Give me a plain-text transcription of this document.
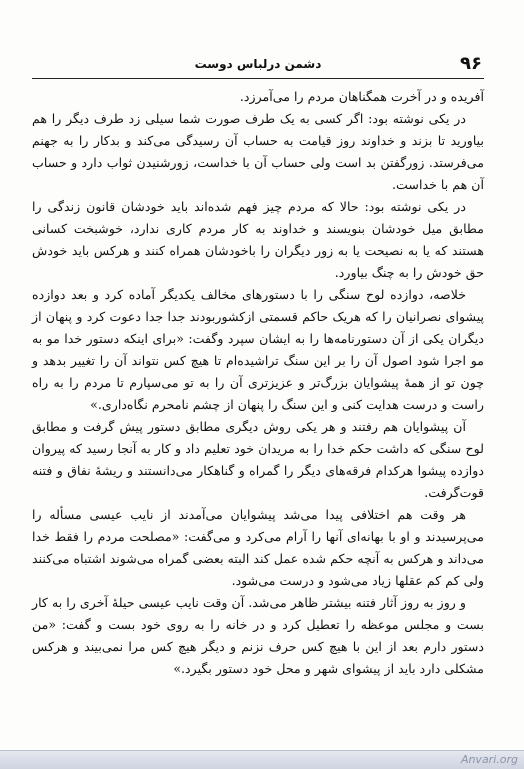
۹۶
دشمن درلباس دوست

آفریده و در آخرت همگناهان مردم را می‌آمرزد.

در یکی نوشته بود: اگر کسی به یک طرف صورت شما سیلی زد طرف دیگر را هم بیاورید تا بزند و خداوند روز قیامت به حساب آن رسیدگی می‌کند و بدکار را به جهنم می‌فرستد. زورگفتن بد است ولی حساب آن با خداست، زورشنیدن ثواب دارد و حساب آن هم با خداست.

در یکی نوشته بود: حالا که مردم چیز فهم شده‌اند باید خودشان قانون زندگی را مطابق میل خودشان بنویسند و خداوند به کار مردم کاری ندارد، خوشبخت کسانی هستند که یا به نصیحت یا به زور دیگران را باخودشان همراه کنند و هرکس باید خودش حق خودش را به چنگ بیاورد.

خلاصه، دوازده لوح سنگی را با دستورهای مخالف یکدیگر آماده کرد و بعد دوازده پیشوای نصرانیان را که هریک حاکم قسمتی ازکشوربودند جدا جدا دعوت کرد و پنهان از دیگران یکی از آن دستورنامه‌ها را به ایشان سپرد وگفت: «برای اینکه دستور خدا مو به مو اجرا شود اصول آن را بر این سنگ تراشیده‌ام تا هیچ کس نتواند آن را تغییر بدهد و چون تو از همهٔ پیشوایان بزرگ‌تر و عزیزتری آن را به تو می‌سپارم تا مردم را به راه راست و درست هدایت کنی و این سنگ را پنهان از چشم نامحرم نگاه‌داری.»

آن پیشوایان هم رفتند و هر یکی روش دیگری مطابق دستور پیش گرفت و مطابق لوح سنگی که داشت حکم خدا را به مریدان خود تعلیم داد و کار به آنجا رسید که پیروان دوازده پیشوا هرکدام فرقه‌های دیگر را گمراه و گناهکار می‌دانستند و ریشهٔ نفاق و فتنه قوت‌گرفت.

هر وقت هم اختلافی پیدا می‌شد پیشوایان می‌آمدند از نایب عیسی مسأله را می‌پرسیدند و او با بهانه‌ای آنها را آرام می‌کرد و می‌گفت: «مصلحت مردم را فقط خدا می‌داند و هرکس به آنچه حکم شده عمل کند البته بعضی گمراه می‌شوند اشتباه می‌کنند ولی کم کم عقلها زیاد می‌شود و درست می‌شود.

و روز به روز آثار فتنه بیشتر ظاهر می‌شد. آن وقت نایب عیسی حیلهٔ آخری را به کار بست و مجلس موعظه را تعطیل کرد و در خانه را به روی خود بست و گفت: «من دستور دارم بعد از این با هیچ کس حرف نزنم و دیگر هیچ کس مرا نمی‌بیند و هرکس مشکلی دارد باید از پیشوای شهر و محل خود دستور بگیرد.»

Anvari.org
